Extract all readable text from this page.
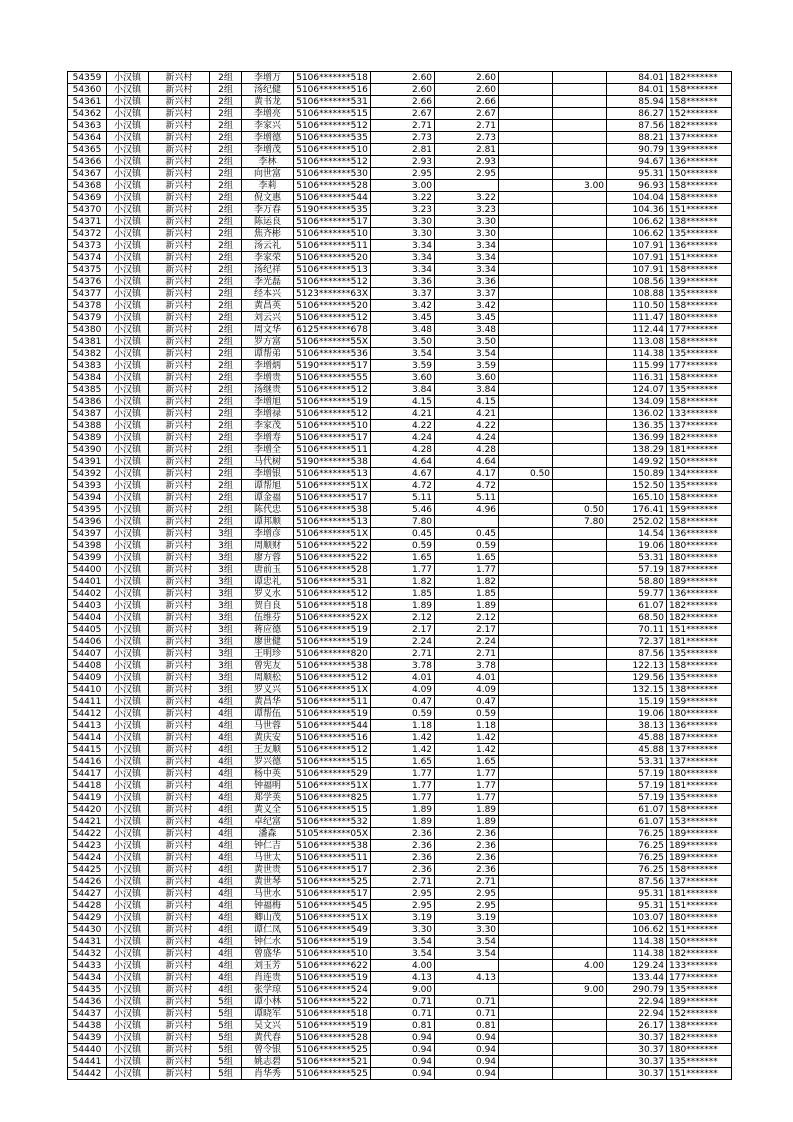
54359	小汉镇	新兴村	2组	李增万	5106*******518	2.60	2.60			84.01	182*******
54360	小汉镇	新兴村	2组	汤纪健	5106*******516	2.60	2.60			84.01	158*******
54361	小汉镇	新兴村	2组	黄书龙	5106*******531	2.66	2.66			85.94	158*******
54362	小汉镇	新兴村	2组	李增亮	5106*******515	2.67	2.67			86.27	152*******
54363	小汉镇	新兴村	2组	李家兴	5106*******512	2.71	2.71			87.56	182*******
54364	小汉镇	新兴村	2组	李增德	5106*******535	2.73	2.73			88.21	137*******
54365	小汉镇	新兴村	2组	李增茂	5106*******510	2.81	2.81			90.79	139*******
54366	小汉镇	新兴村	2组	李林	5106*******512	2.93	2.93			94.67	136*******
54367	小汉镇	新兴村	2组	向世富	5106*******530	2.95	2.95			95.31	150*******
54368	小汉镇	新兴村	2组	李莉	5106*******528	3.00			3.00	96.93	158*******
54369	小汉镇	新兴村	2组	倪文惠	5106*******544	3.22	3.22			104.04	158*******
54370	小汉镇	新兴村	2组	李万春	5190*******535	3.23	3.23			104.36	151*******
54371	小汉镇	新兴村	2组	陈运良	5106*******517	3.30	3.30			106.62	138*******
54372	小汉镇	新兴村	2组	焦齐彬	5106*******510	3.30	3.30			106.62	135*******
54373	小汉镇	新兴村	2组	汤云礼	5106*******511	3.34	3.34			107.91	136*******
54374	小汉镇	新兴村	2组	李家荣	5106*******520	3.34	3.34			107.91	151*******
54375	小汉镇	新兴村	2组	汤纪祥	5106*******513	3.34	3.34			107.91	158*******
54376	小汉镇	新兴村	2组	李光磊	5106*******512	3.36	3.36			108.56	139*******
54377	小汉镇	新兴村	2组	经本兴	5123*******63X	3.37	3.37			108.88	135*******
54378	小汉镇	新兴村	2组	黄昌英	5106*******520	3.42	3.42			110.50	158*******
54379	小汉镇	新兴村	2组	刘云兴	5106*******512	3.45	3.45			111.47	180*******
54380	小汉镇	新兴村	2组	周文华	6125*******678	3.48	3.48			112.44	177*******
54381	小汉镇	新兴村	2组	罗方富	5106*******55X	3.50	3.50			113.08	158*******
54382	小汉镇	新兴村	2组	谭帮弟	5106*******536	3.54	3.54			114.38	135*******
54383	小汉镇	新兴村	2组	李增炳	5190*******517	3.59	3.59			115.99	177*******
54384	小汉镇	新兴村	2组	李增贵	5106*******555	3.60	3.60			116.31	158*******
54385	小汉镇	新兴村	2组	汤继贵	5106*******512	3.84	3.84			124.07	135*******
54386	小汉镇	新兴村	2组	李增旭	5106*******519	4.15	4.15			134.09	158*******
54387	小汉镇	新兴村	2组	李增禄	5106*******512	4.21	4.21			136.02	133*******
54388	小汉镇	新兴村	2组	李家茂	5106*******510	4.22	4.22			136.35	137*******
54389	小汉镇	新兴村	2组	李增寿	5106*******517	4.24	4.24			136.99	182*******
54390	小汉镇	新兴村	2组	李增全	5106*******511	4.28	4.28			138.29	181*******
54391	小汉镇	新兴村	2组	马代树	5190*******538	4.64	4.64			149.92	150*******
54392	小汉镇	新兴村	2组	李增银	5106*******513	4.67	4.17	0.50		150.89	134*******
54393	小汉镇	新兴村	2组	谭帮旭	5106*******51X	4.72	4.72			152.50	135*******
54394	小汉镇	新兴村	2组	谭金福	5106*******517	5.11	5.11			165.10	158*******
54395	小汉镇	新兴村	2组	陈代忠	5106*******538	5.46	4.96		0.50	176.41	159*******
54396	小汉镇	新兴村	2组	谭邦顺	5106*******513	7.80			7.80	252.02	158*******
54397	小汉镇	新兴村	3组	李增彦	5106*******51X	0.45	0.45			14.54	136*******
54398	小汉镇	新兴村	3组	周顺财	5106*******522	0.59	0.59			19.06	180*******
54399	小汉镇	新兴村	3组	廖方蓉	5106*******522	1.65	1.65			53.31	180*******
54400	小汉镇	新兴村	3组	唐前玉	5106*******528	1.77	1.77			57.19	187*******
54401	小汉镇	新兴村	3组	谭忠礼	5106*******531	1.82	1.82			58.80	189*******
54402	小汉镇	新兴村	3组	罗义水	5106*******512	1.85	1.85			59.77	136*******
54403	小汉镇	新兴村	3组	贺自良	5106*******518	1.89	1.89			61.07	182*******
54404	小汉镇	新兴村	3组	伍维芬	5106*******52X	2.12	2.12			68.50	182*******
54405	小汉镇	新兴村	3组	蒋应德	5106*******519	2.17	2.17			70.11	151*******
54406	小汉镇	新兴村	3组	廖世健	5106*******519	2.24	2.24			72.37	181*******
54407	小汉镇	新兴村	3组	王明珍	5106*******820	2.71	2.71			87.56	135*******
54408	小汉镇	新兴村	3组	曾宪友	5106*******538	3.78	3.78			122.13	158*******
54409	小汉镇	新兴村	3组	周顺松	5106*******512	4.01	4.01			129.56	135*******
54410	小汉镇	新兴村	3组	罗义兴	5106*******51X	4.09	4.09			132.15	138*******
54411	小汉镇	新兴村	4组	黄昌华	5106*******511	0.47	0.47			15.19	159*******
54412	小汉镇	新兴村	4组	谭帮伍	5106*******519	0.59	0.59			19.06	180*******
54413	小汉镇	新兴村	4组	马世蓉	5106*******544	1.18	1.18			38.13	136*******
54414	小汉镇	新兴村	4组	黄庆安	5106*******516	1.42	1.42			45.88	187*******
54415	小汉镇	新兴村	4组	王友顺	5106*******512	1.42	1.42			45.88	137*******
54416	小汉镇	新兴村	4组	罗兴德	5106*******515	1.65	1.65			53.31	137*******
54417	小汉镇	新兴村	4组	杨中英	5106*******529	1.77	1.77			57.19	180*******
54418	小汉镇	新兴村	4组	钟福明	5106*******51X	1.77	1.77			57.19	181*******
54419	小汉镇	新兴村	4组	郑学英	5106*******825	1.77	1.77			57.19	135*******
54420	小汉镇	新兴村	4组	黄义全	5106*******515	1.89	1.89			61.07	158*******
54421	小汉镇	新兴村	4组	卓纪富	5106*******532	1.89	1.89			61.07	153*******
54422	小汉镇	新兴村	4组	潘森	5105*******05X	2.36	2.36			76.25	189*******
54423	小汉镇	新兴村	4组	钟仁吉	5106*******538	2.36	2.36			76.25	189*******
54424	小汉镇	新兴村	4组	马世太	5106*******511	2.36	2.36			76.25	189*******
54425	小汉镇	新兴村	4组	黄世贵	5106*******517	2.36	2.36			76.25	158*******
54426	小汉镇	新兴村	4组	黄世琴	5106*******525	2.71	2.71			87.56	137*******
54427	小汉镇	新兴村	4组	马世水	5106*******517	2.95	2.95			95.31	181*******
54428	小汉镇	新兴村	4组	钟福梅	5106*******545	2.95	2.95			95.31	151*******
54429	小汉镇	新兴村	4组	卿山茂	5106*******51X	3.19	3.19			103.07	180*******
54430	小汉镇	新兴村	4组	谭仁凤	5106*******549	3.30	3.30			106.62	151*******
54431	小汉镇	新兴村	4组	钟仁水	5106*******519	3.54	3.54			114.38	150*******
54432	小汉镇	新兴村	4组	曾盛华	5106*******510	3.54	3.54			114.38	182*******
54433	小汉镇	新兴村	4组	刘玉芳	5106*******622	4.00			4.00	129.24	133*******
54434	小汉镇	新兴村	4组	肖连贵	5106*******519	4.13	4.13			133.44	177*******
54435	小汉镇	新兴村	4组	张学琼	5106*******524	9.00			9.00	290.79	135*******
54436	小汉镇	新兴村	5组	谭小林	5106*******522	0.71	0.71			22.94	189*******
54437	小汉镇	新兴村	5组	谭晓军	5106*******518	0.71	0.71			22.94	152*******
54438	小汉镇	新兴村	5组	吴文兴	5106*******519	0.81	0.81			26.17	138*******
54439	小汉镇	新兴村	5组	黄代春	5106*******528	0.94	0.94			30.37	182*******
54440	小汉镇	新兴村	5组	曾令银	5106*******525	0.94	0.94			30.37	180*******
54441	小汉镇	新兴村	5组	姚志碧	5106*******521	0.94	0.94			30.37	135*******
54442	小汉镇	新兴村	5组	肖华秀	5106*******525	0.94	0.94			30.37	151*******
